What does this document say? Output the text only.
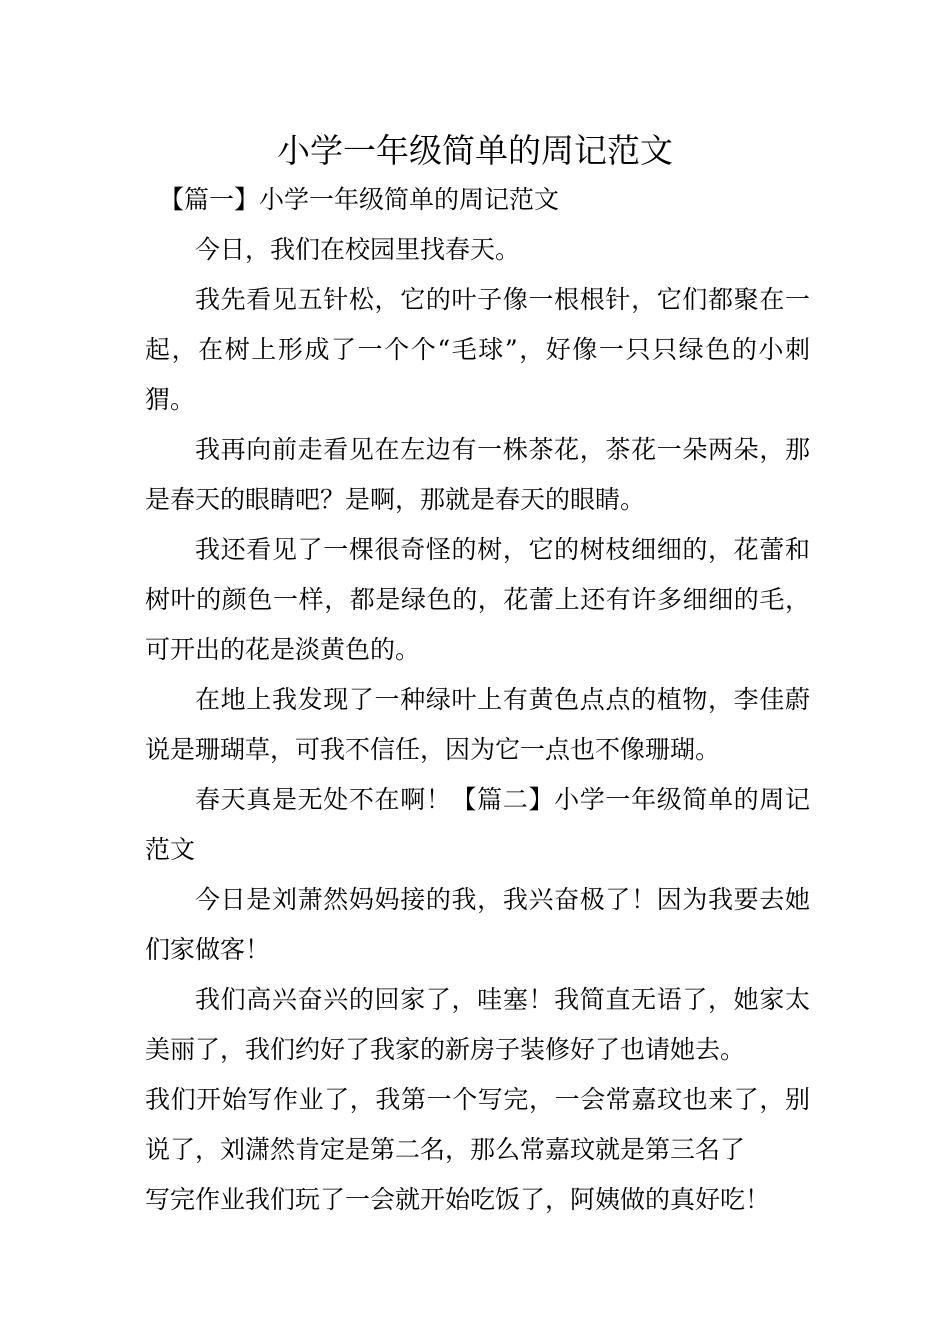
小学一年级简单的周记范文

【篇一】小学一年级简单的周记范文

今日，我们在校园里找春天。

我先看见五针松，它的叶子像一根根针，它们都聚在一起，在树上形成了一个个“毛球”，好像一只只绿色的小刺猬。

我再向前走看见在左边有一株茶花，茶花一朵两朵，那是春天的眼睛吧？是啊，那就是春天的眼睛。

我还看见了一棵很奇怪的树，它的树枝细细的，花蕾和树叶的颜色一样，都是绿色的，花蕾上还有许多细细的毛，可开出的花是淡黄色的。

在地上我发现了一种绿叶上有黄色点点的植物，李佳蔚说是珊瑚草，可我不信任，因为它一点也不像珊瑚。

春天真是无处不在啊！【篇二】小学一年级简单的周记范文

今日是刘萧然妈妈接的我，我兴奋极了！因为我要去她们家做客！

我们高兴奋兴的回家了，哇塞！我简直无语了，她家太美丽了，我们约好了我家的新房子装修好了也请她去。

我们开始写作业了，我第一个写完，一会常嘉玟也来了，别说了，刘潇然肯定是第二名，那么常嘉玟就是第三名了

写完作业我们玩了一会就开始吃饭了，阿姨做的真好吃！
